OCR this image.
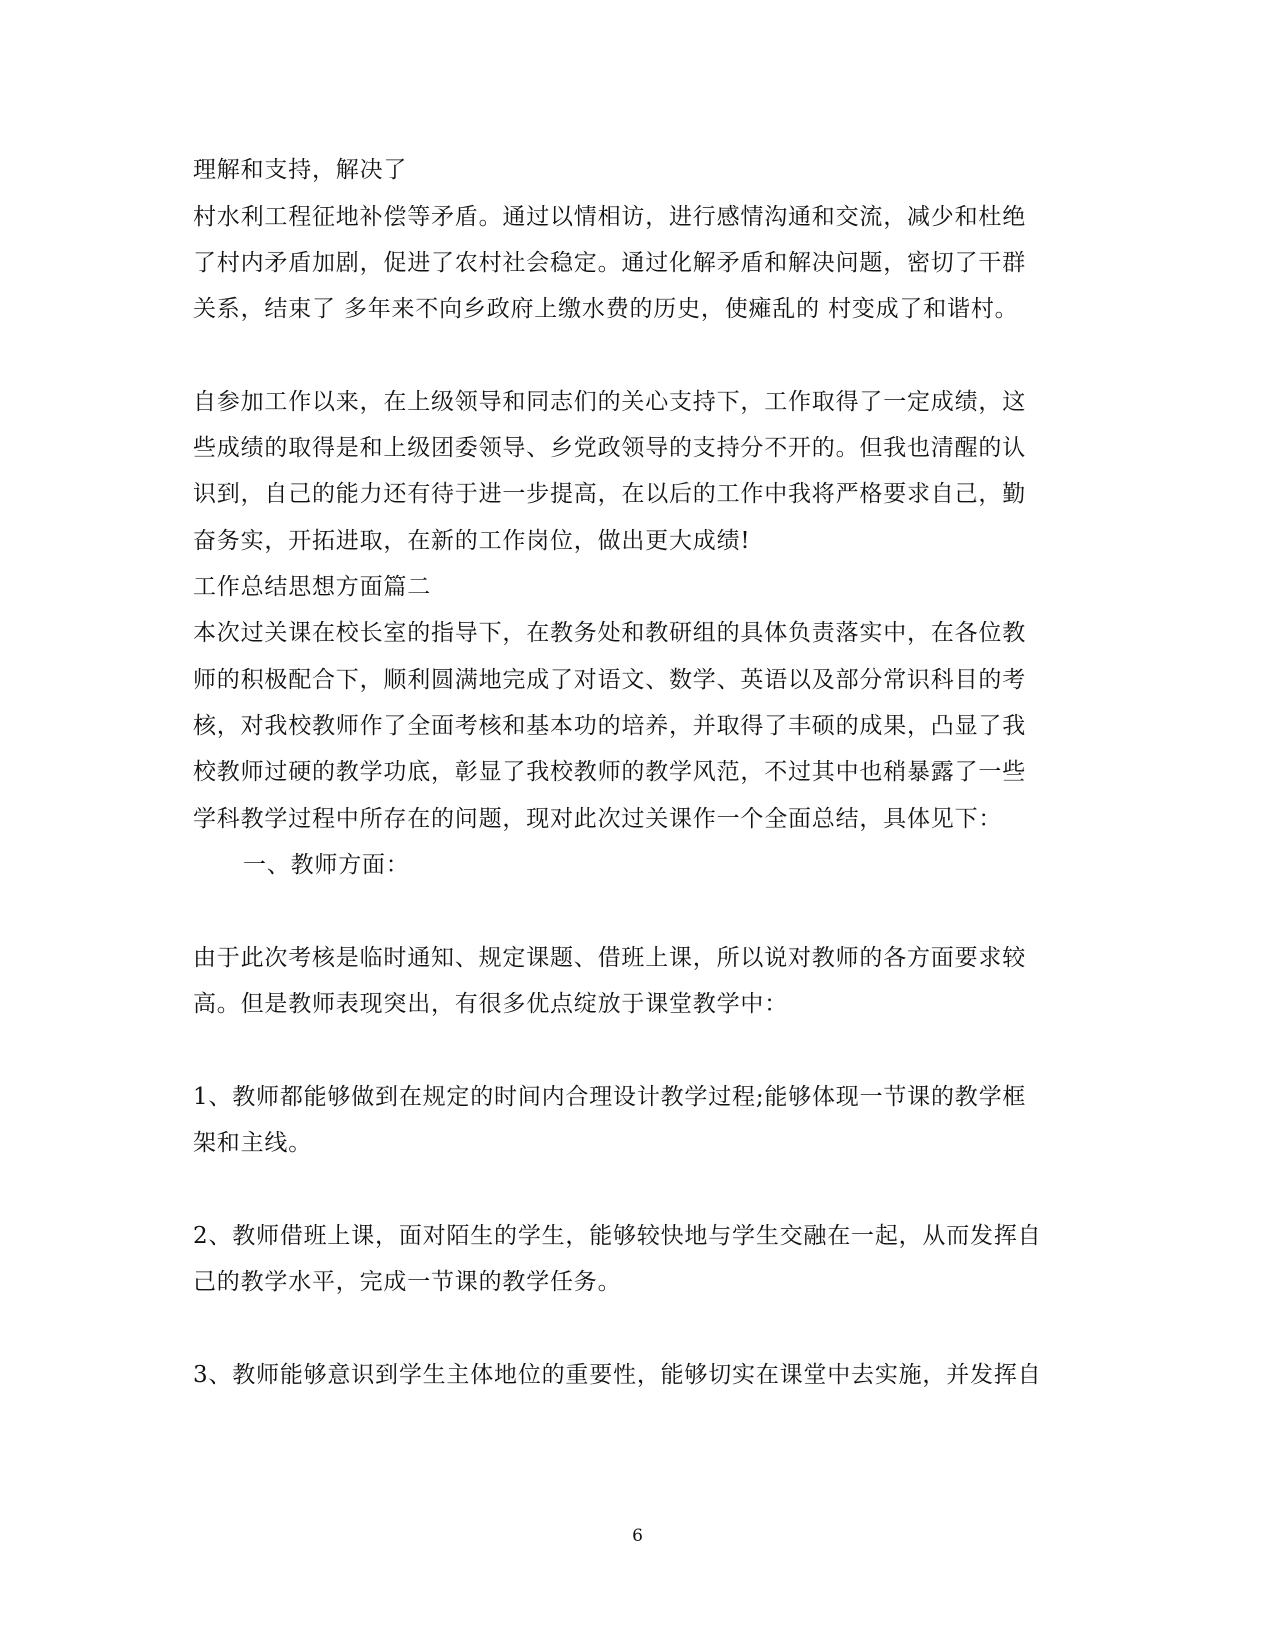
理解和支持，解决了
村水利工程征地补偿等矛盾。通过以情相访，进行感情沟通和交流，减少和杜绝
了村内矛盾加剧，促进了农村社会稳定。通过化解矛盾和解决问题，密切了干群
关系，结束了 多年来不向乡政府上缴水费的历史，使瘫乱的 村变成了和谐村。
自参加工作以来，在上级领导和同志们的关心支持下，工作取得了一定成绩，这
些成绩的取得是和上级团委领导、乡党政领导的支持分不开的。但我也清醒的认
识到，自己的能力还有待于进一步提高，在以后的工作中我将严格要求自己，勤
奋务实，开拓进取，在新的工作岗位，做出更大成绩!
工作总结思想方面篇二
本次过关课在校长室的指导下，在教务处和教研组的具体负责落实中，在各位教
师的积极配合下，顺利圆满地完成了对语文、数学、英语以及部分常识科目的考
核，对我校教师作了全面考核和基本功的培养，并取得了丰硕的成果，凸显了我
校教师过硬的教学功底，彰显了我校教师的教学风范，不过其中也稍暴露了一些
学科教学过程中所存在的问题，现对此次过关课作一个全面总结，具体见下：
一、教师方面：
由于此次考核是临时通知、规定课题、借班上课，所以说对教师的各方面要求较
高。但是教师表现突出，有很多优点绽放于课堂教学中：
1、教师都能够做到在规定的时间内合理设计教学过程;能够体现一节课的教学框
架和主线。
2、教师借班上课，面对陌生的学生，能够较快地与学生交融在一起，从而发挥自
己的教学水平，完成一节课的教学任务。
3、教师能够意识到学生主体地位的重要性，能够切实在课堂中去实施，并发挥自
6
